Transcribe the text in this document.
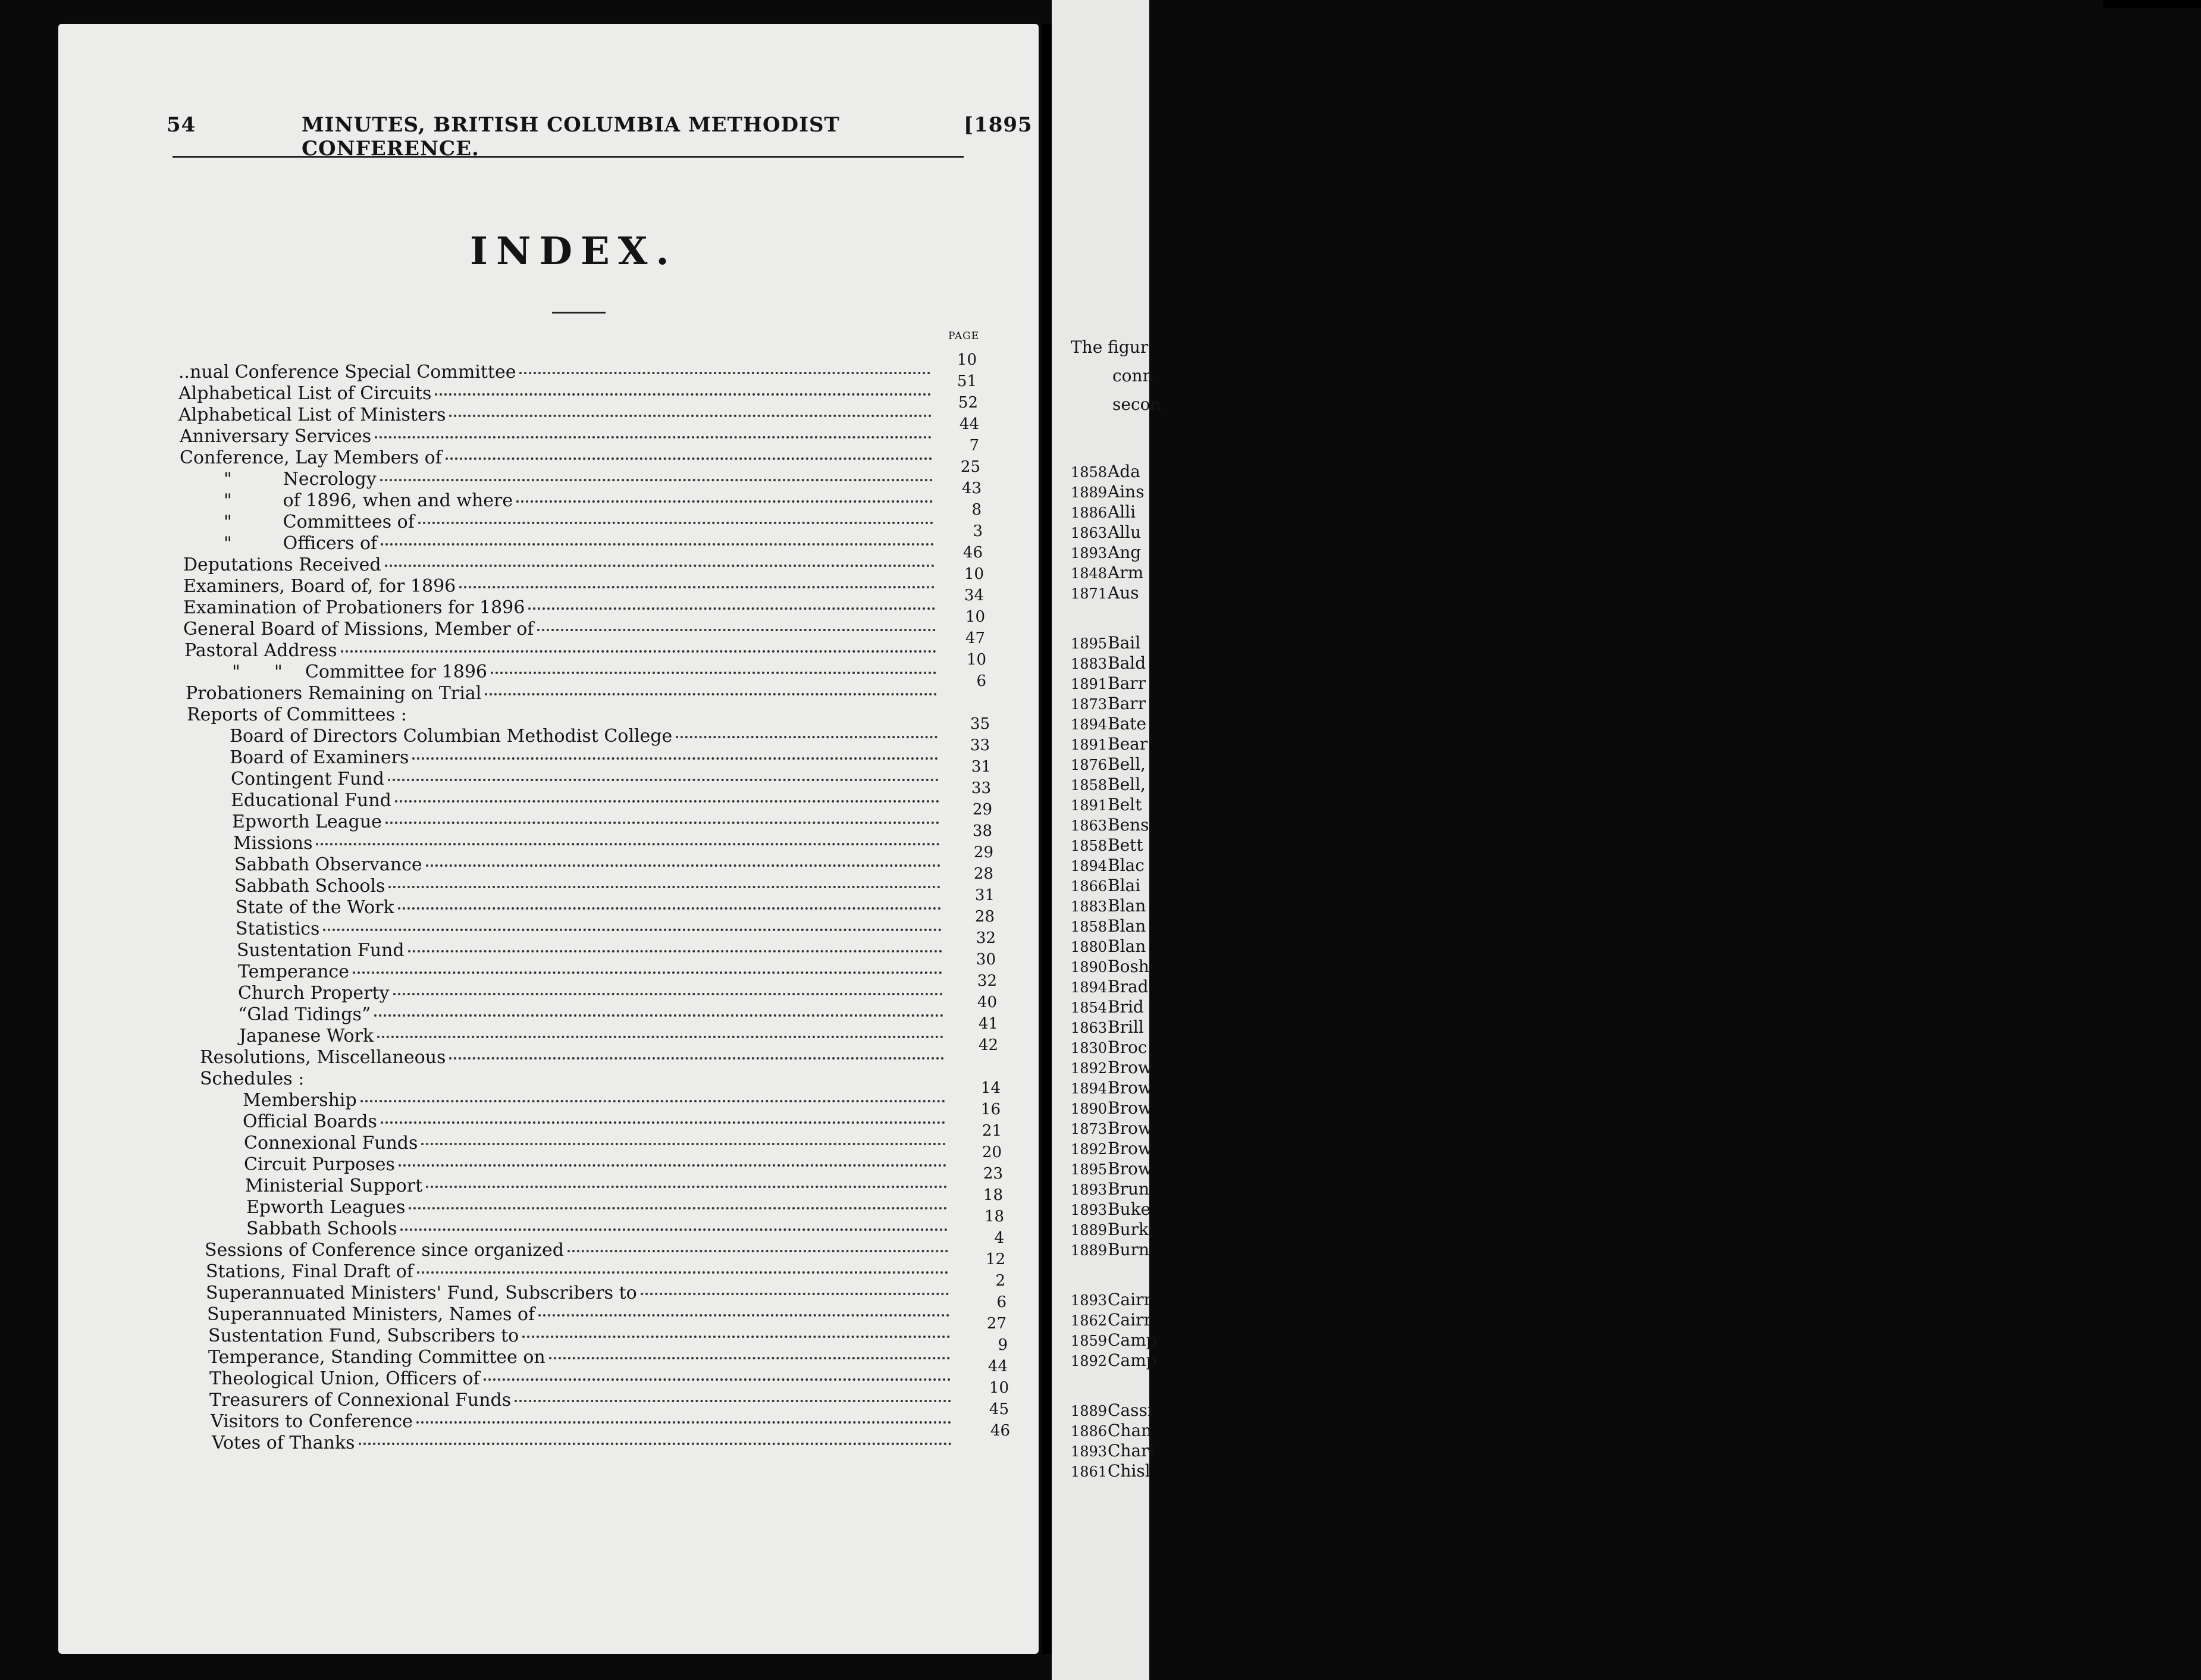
54	MINUTES, BRITISH COLUMBIA METHODIST CONFERENCE.
[1895
INDEX.
PAGE
..nual Conference Special Committee
Alphabetical List of Circuits
Alphabetical List of Ministers
Anniversary Services
Conference, Lay Members of
"         Necrology
"         of 1896, when and where
"         Committees of
"         Officers of
Deputations Received
Examiners, Board of, for 1896
Examination of Probationers for 1896
General Board of Missions, Member of
Pastoral Address
"      "    Committee for 1896
Probationers Remaining on Trial
Reports of Committees :
Board of Directors Columbian Methodist College
Board of Examiners
Contingent Fund
Educational Fund
Epworth League
Missions
Sabbath Observance
Sabbath Schools
State of the Work
Statistics
Sustentation Fund
Temperance
Church Property
“Glad Tidings”
Japanese Work
Resolutions, Miscellaneous
Schedules :
Membership
Official Boards
Connexional Funds
Circuit Purposes
Ministerial Support
Epworth Leagues
Sabbath Schools
Sessions of Conference since organized
Stations, Final Draft of
Superannuated Ministers' Fund, Subscribers to
Superannuated Ministers, Names of
Sustentation Fund, Subscribers to
Temperance, Standing Committee on
Theological Union, Officers of
Treasurers of Connexional Funds
Visitors to Conference
Votes of Thanks
10
51
52
44
7
25
43
8
3
46
10
34
10
47
10
6
35
33
31
33
29
38
29
28
31
28
32
30
32
40
41
42
14
16
21
20
23
18
18
4
12
2
6
27
9
44
10
45
46
The figur
conn
secon
1858Ada
1889Ains
1886Alli
1863Allu
1893Ang
1848Arm
1871Aus
1895Bail
1883Bald
1891Barr
1873Barr
1894Bate
1891Bear
1876Bell,
1858Bell,
1891Belt
1863Bens
1858Bett
1894Blac
1866Blai
1883Blan
1858Blan
1880Blan
1890Bosh
1894Brad
1854Brid
1863Brill
1830Broc
1892Brow
1894Brow
1890Brow
1873Brow
1892Brow
1895Brow
1893Brun
1893Buke
1889Burk
1889Burn
1893Cairr
1862Cairr
1859Camp
1892Camp
1889Cassi
1886Chan
1893Charl
1861Chisl
